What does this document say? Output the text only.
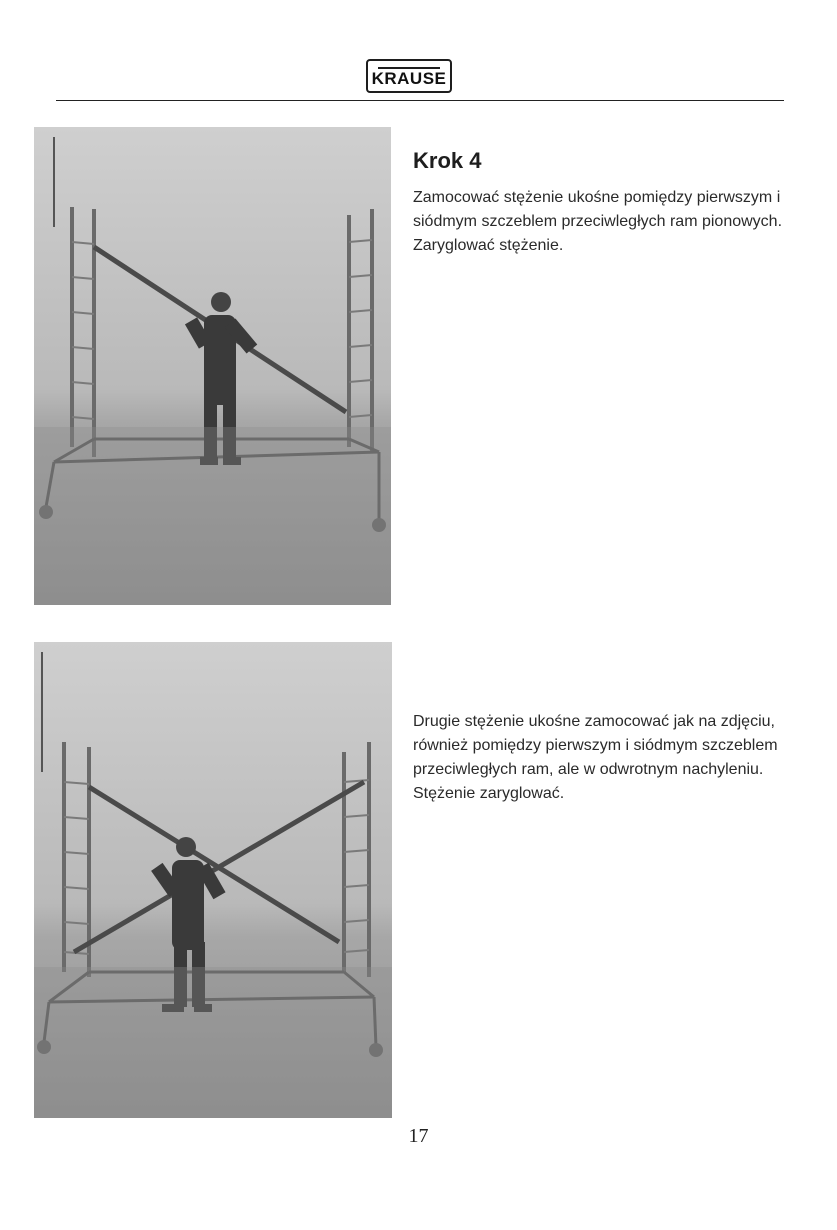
KRAUSE
Krok 4

Zamocować stężenie ukośne pomiędzy pierwszym i siódmym szczeblem przeciwległych ram pionowych. Zaryglować stężenie.

Drugie stężenie ukośne zamocować jak na zdjęciu, również pomiędzy pierwszym i siódmym szczeblem przeciwległych ram, ale w odwrotnym nachyleniu. Stężenie zaryglować.

17
